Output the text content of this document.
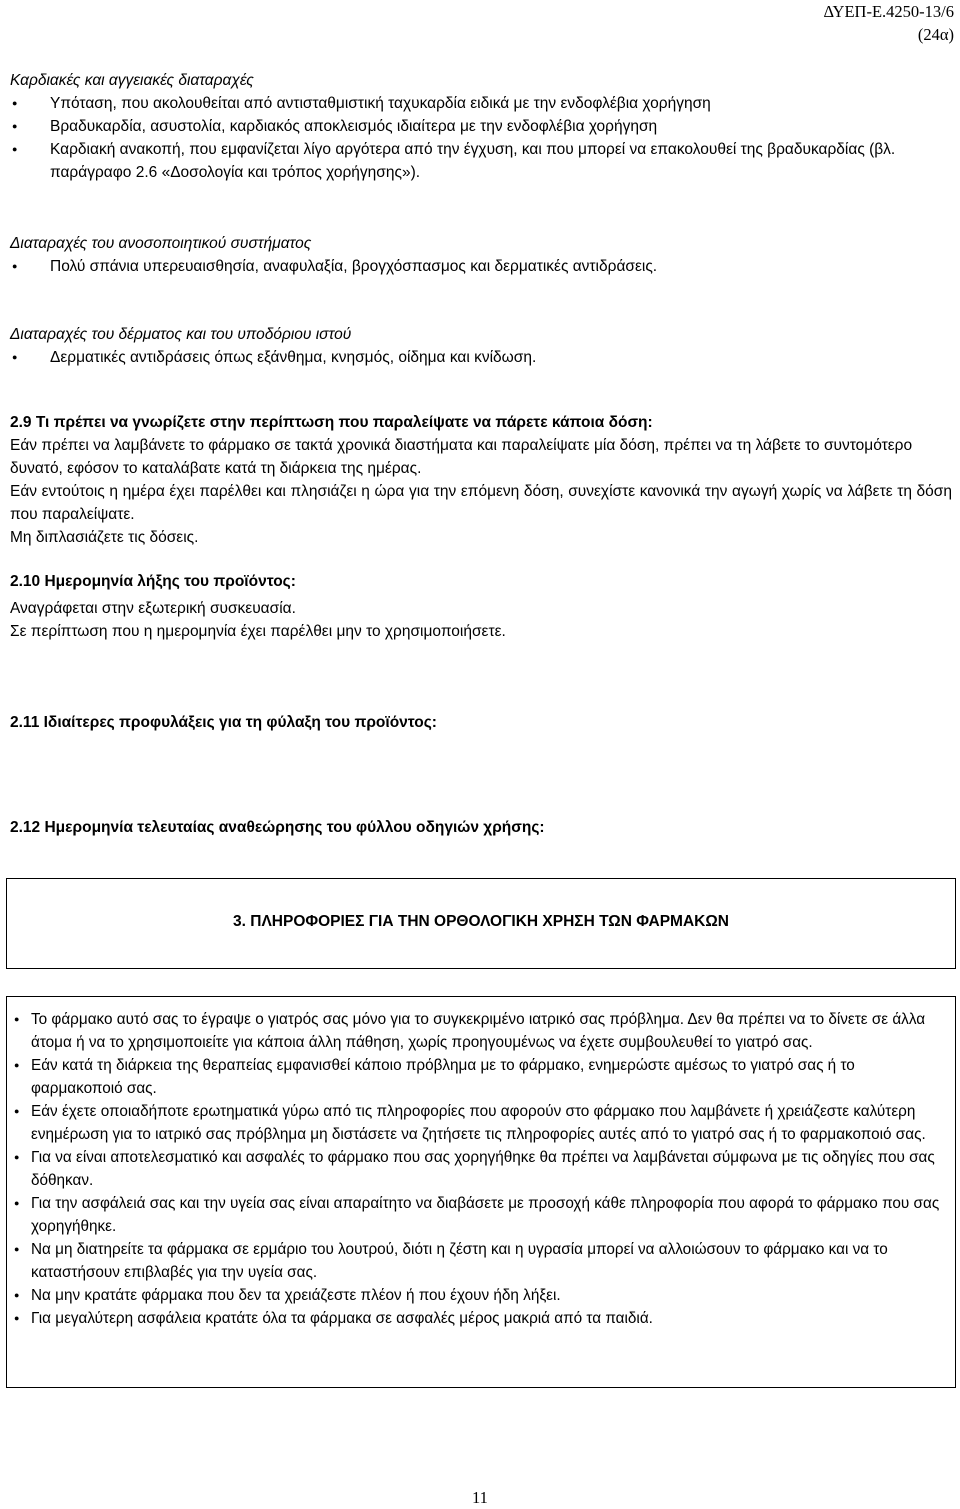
ΔΥΕΠ-Ε.4250-13/6
(24α)

Καρδιακές και αγγειακές διαταραχές

● Υπόταση, που ακολουθείται από αντισταθμιστική ταχυκαρδία ειδικά με την ενδοφλέβια χορήγηση
● Βραδυκαρδία, ασυστολία, καρδιακός αποκλεισμός ιδιαίτερα με την ενδοφλέβια χορήγηση
● Καρδιακή ανακοπή, που εμφανίζεται λίγο αργότερα από την έγχυση, και που μπορεί να επακολουθεί της βραδυκαρδίας (βλ. παράγραφο 2.6 «Δοσολογία και τρόπος χορήγησης»).

Διαταραχές του ανοσοποιητικού συστήματος

● Πολύ σπάνια υπερευαισθησία, αναφυλαξία, βρογχόσπασμος και δερματικές αντιδράσεις.

Διαταραχές του δέρματος και του υποδόριου ιστού

● Δερματικές αντιδράσεις όπως εξάνθημα, κνησμός, οίδημα και κνίδωση.

2.9 Τι πρέπει να γνωρίζετε στην περίπτωση που παραλείψατε να πάρετε κάποια δόση:

Εάν πρέπει να λαμβάνετε το φάρμακο σε τακτά χρονικά διαστήματα και παραλείψατε μία δόση, πρέπει να τη λάβετε το συντομότερο δυνατό, εφόσον το καταλάβατε κατά τη διάρκεια της ημέρας.

Εάν εντούτοις η ημέρα έχει παρέλθει και πλησιάζει η ώρα για την επόμενη δόση, συνεχίστε κανονικά την αγωγή χωρίς να λάβετε τη δόση που παραλείψατε.

Μη διπλασιάζετε τις δόσεις.

2.10 Ημερομηνία λήξης του προϊόντος:

Αναγράφεται στην εξωτερική συσκευασία.

Σε περίπτωση που η ημερομηνία έχει παρέλθει μην το χρησιμοποιήσετε.

2.11 Ιδιαίτερες προφυλάξεις για τη φύλαξη του προϊόντος:

2.12 Ημερομηνία τελευταίας αναθεώρησης του φύλλου οδηγιών χρήσης:

3. ΠΛΗΡΟΦΟΡΙΕΣ ΓΙΑ ΤΗΝ ΟΡΘΟΛΟΓΙΚΗ ΧΡΗΣΗ ΤΩΝ ΦΑΡΜΑΚΩΝ
● Το φάρμακο αυτό σας το έγραψε ο γιατρός σας μόνο για το συγκεκριμένο ιατρικό σας πρόβλημα. Δεν θα πρέπει να το δίνετε σε άλλα άτομα ή να το χρησιμοποιείτε για κάποια άλλη πάθηση, χωρίς προηγουμένως να έχετε συμβουλευθεί το γιατρό σας.
● Εάν κατά τη διάρκεια της θεραπείας εμφανισθεί κάποιο πρόβλημα με το φάρμακο, ενημερώστε αμέσως το γιατρό σας ή το φαρμακοποιό σας.
● Εάν έχετε οποιαδήποτε ερωτηματικά γύρω από τις πληροφορίες που αφορούν στο φάρμακο που λαμβάνετε ή χρειάζεστε καλύτερη ενημέρωση για το ιατρικό σας πρόβλημα μη διστάσετε να ζητήσετε τις πληροφορίες αυτές από το γιατρό σας ή το φαρμακοποιό σας.
● Για να είναι αποτελεσματικό και ασφαλές το φάρμακο που σας χορηγήθηκε θα πρέπει να λαμβάνεται σύμφωνα με τις οδηγίες που σας δόθηκαν.
● Για την ασφάλειά σας και την υγεία σας είναι απαραίτητο να διαβάσετε με προσοχή κάθε πληροφορία που αφορά το φάρμακο που σας χορηγήθηκε.
● Να μη διατηρείτε τα φάρμακα σε ερμάριο του λουτρού, διότι η ζέστη και η υγρασία μπορεί να αλλοιώσουν το φάρμακο και να το καταστήσουν επιβλαβές για την υγεία σας.
● Να μην κρατάτε φάρμακα που δεν τα χρειάζεστε πλέον ή που έχουν ήδη λήξει.
● Για μεγαλύτερη ασφάλεια κρατάτε όλα τα φάρμακα σε ασφαλές μέρος μακριά από τα παιδιά.
11
